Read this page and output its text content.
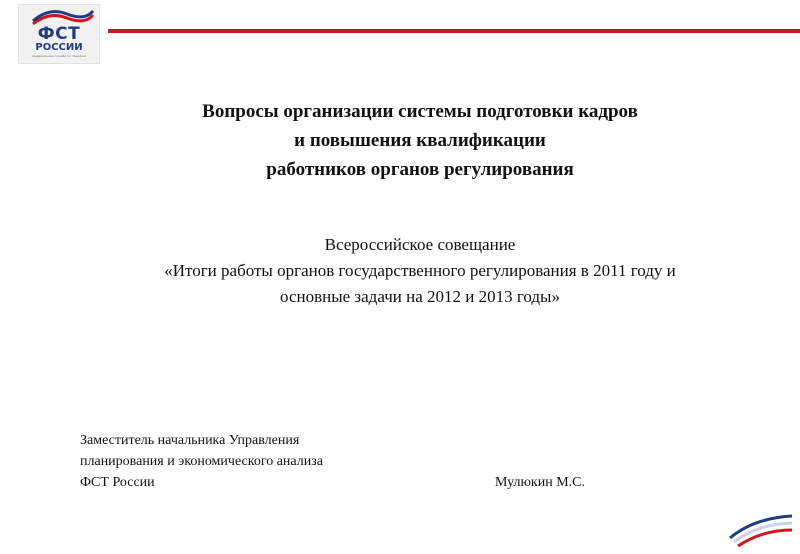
ФСТ
РОССИИ
федеральная служба по тарифам
Вопросы организации системы подготовки кадров
и повышения квалификации
работников органов регулирования
Всероссийское совещание
«Итоги работы органов государственного регулирования в 2011 году и
основные задачи на 2012 и 2013 годы»
Заместитель начальника Управления
планирования и экономического анализа
ФСТ России	Мулюкин М.С.
